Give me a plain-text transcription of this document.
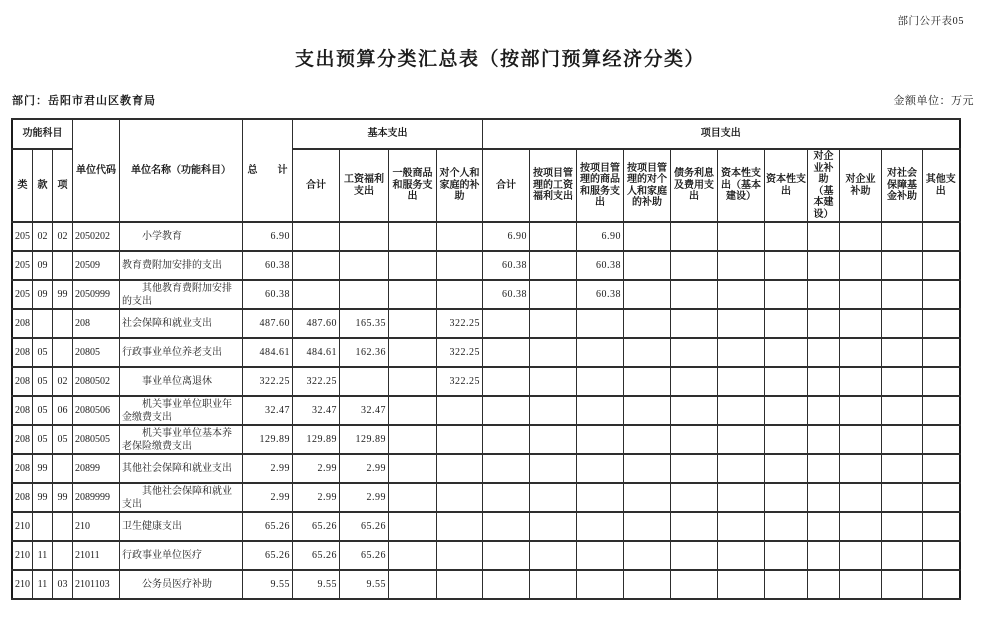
部门公开表05
支出预算分类汇总表（按部门预算经济分类）
部门：岳阳市君山区教育局	金额单位：万元
功能科目			单位代码	单位名称（功能科目）	总　　计	基本支出				项目支出										
类	款	项				合计	工资福利支出	一般商品和服务支出	对个人和家庭的补助	合计	按项目管理的工资福利支出	按项目管理的商品和服务支出	按项目管理的对个人和家庭的补助	债务利息及费用支出	资本性支出（基本建设）	资本性支出	对企业补助（基本建设）	对企业补助	对社会保障基金补助	其他支出
205	02	02	2050202	小学教育	6.90					6.90		6.90								
205	09		20509	教育费附加安排的支出	60.38					60.38		60.38								
205	09	99	2050999	其他教育费附加安排的支出	60.38					60.38		60.38								
208			208	社会保障和就业支出	487.60	487.60	165.35		322.25											
208	05		20805	行政事业单位养老支出	484.61	484.61	162.36		322.25											
208	05	02	2080502	事业单位离退休	322.25	322.25			322.25											
208	05	06	2080506	机关事业单位职业年金缴费支出	32.47	32.47	32.47													
208	05	05	2080505	机关事业单位基本养老保险缴费支出	129.89	129.89	129.89													
208	99		20899	其他社会保障和就业支出	2.99	2.99	2.99													
208	99	99	2089999	其他社会保障和就业支出	2.99	2.99	2.99													
210			210	卫生健康支出	65.26	65.26	65.26													
210	11		21011	行政事业单位医疗	65.26	65.26	65.26													
210	11	03	2101103	公务员医疗补助	9.55	9.55	9.55													
